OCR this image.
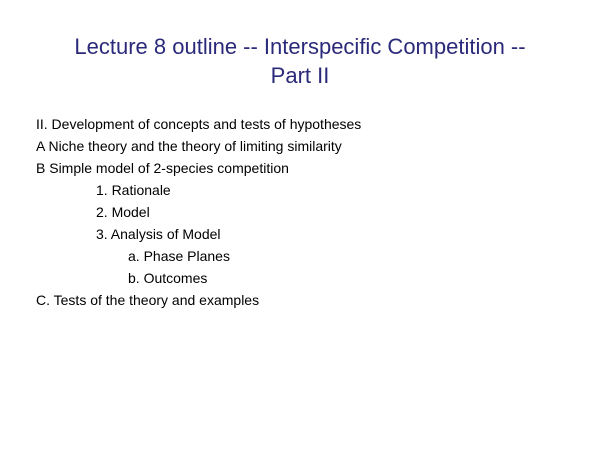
Lecture 8 outline -- Interspecific Competition --
Part II
II. Development of concepts and tests of hypotheses
A Niche theory and the theory of limiting similarity
B Simple model of 2-species competition
1. Rationale
2. Model
3. Analysis of Model
a. Phase Planes
b. Outcomes
C. Tests of the theory and examples
